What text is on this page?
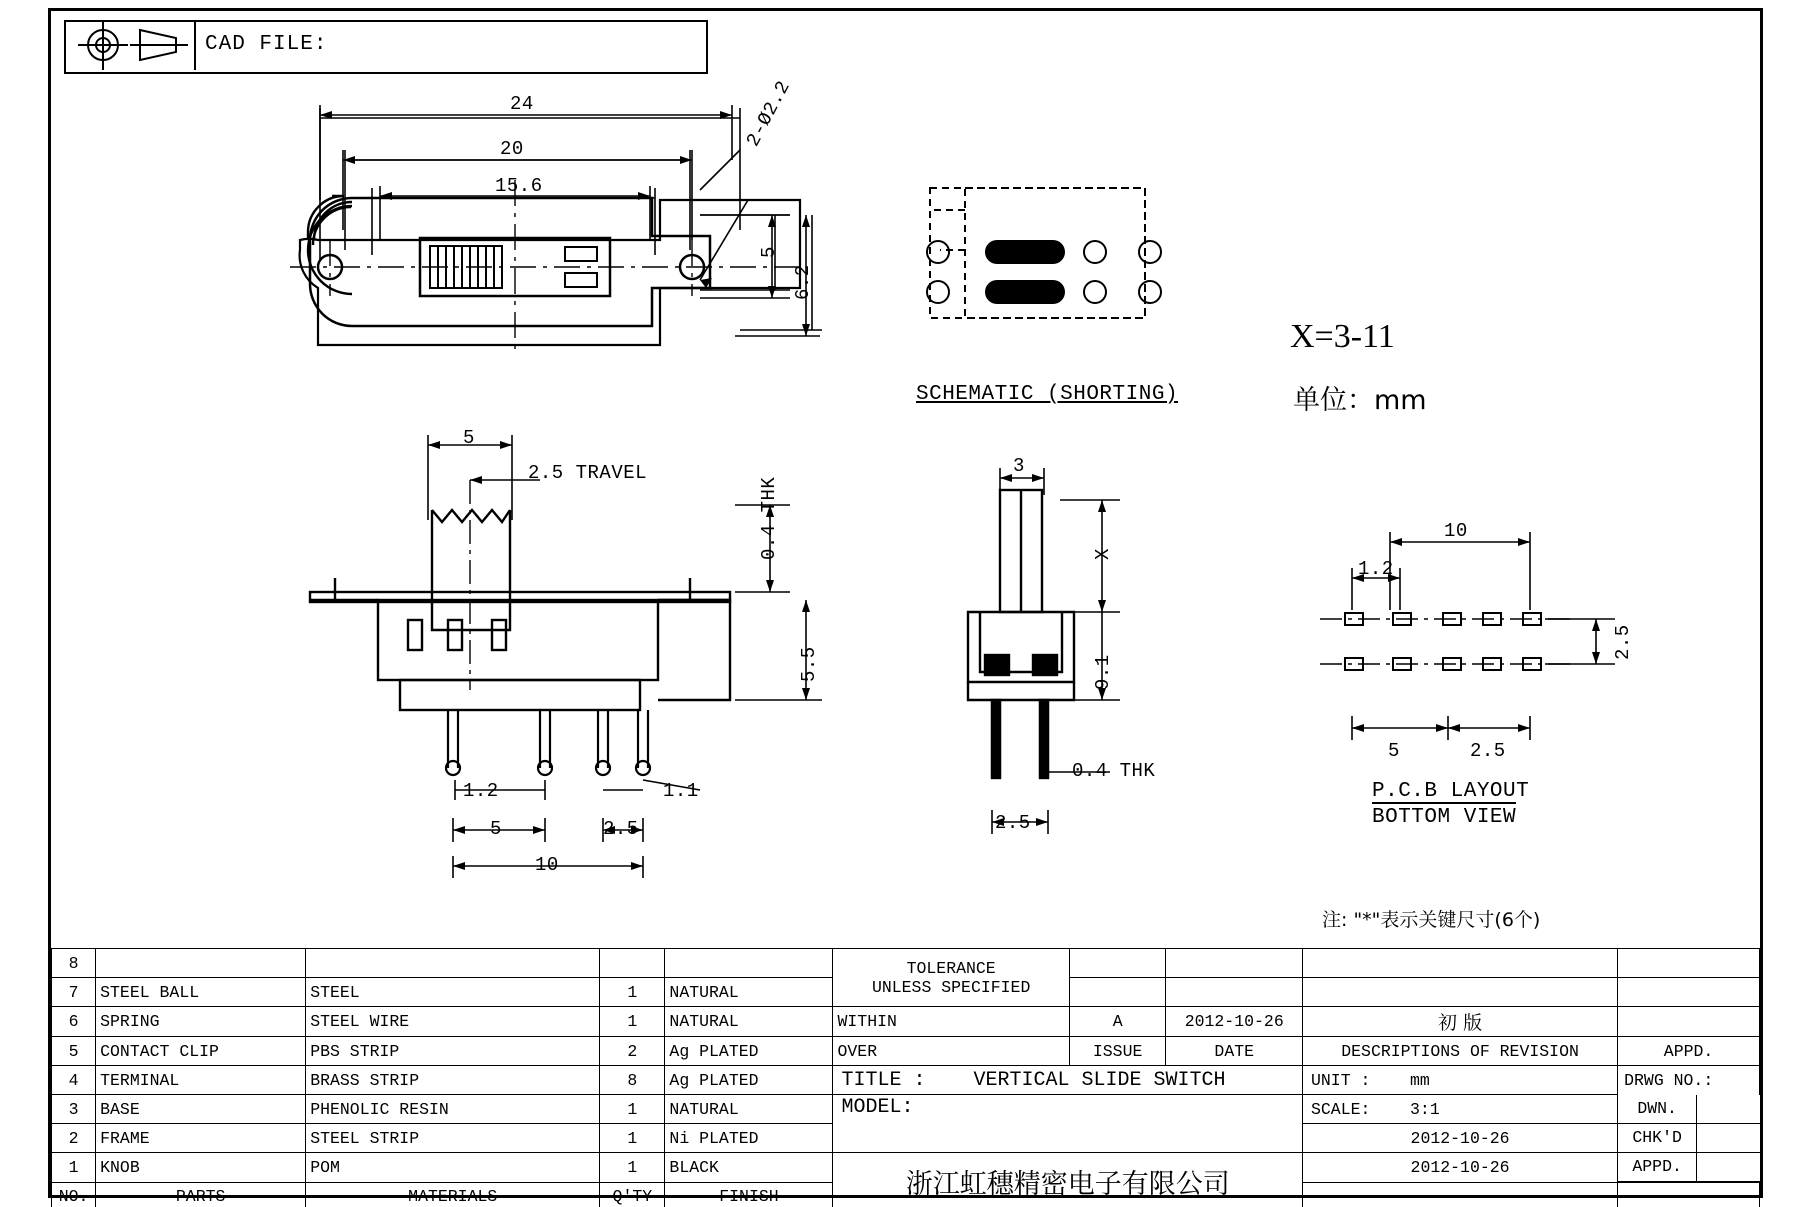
CAD FILE:
24
20
15.6
2-Ø2.2
5
6.2
SCHEMATIC (SHORTING)
X=3-11
单位：mm
注: "*"表示关键尺寸(6个)
5
2.5 TRAVEL
0.4 THK
5.5
1.2	1.1
5	2.5
10
3
X
9.1
0.4 THK
2.5
10
1.2
2.5
5	2.5
P.C.B LAYOUT
BOTTOM VIEW
8					TOLERANCE
UNLESS SPECIFIED

7	STEEL BALL	STEEL	1	NATURAL				
6	SPRING	STEEL WIRE	1	NATURAL	WITHIN	A	2012-10-26	初 版	
5	CONTACT CLIP	PBS STRIP	2	Ag PLATED	OVER	ISSUE	DATE	DESCRIPTIONS OF REVISION	APPD.
4	TERMINAL	BRASS STRIP	8	Ag PLATED	TITLE : VERTICAL SLIDE SWITCH	UNIT : mm	DRWG NO.:
3	BASE	PHENOLIC RESIN	1	NATURAL	MODEL:	SCALE: 3:1		DWN.	

2	FRAME	STEEL STRIP	1	Ni PLATED	2012-10-26		CHK'D	

1	KNOB	POM	1	BLACK	浙江虹穗精密电子有限公司	2012-10-26		APPD.	

NO.	PARTS	MATERIALS	Q'TY	FINISH		
